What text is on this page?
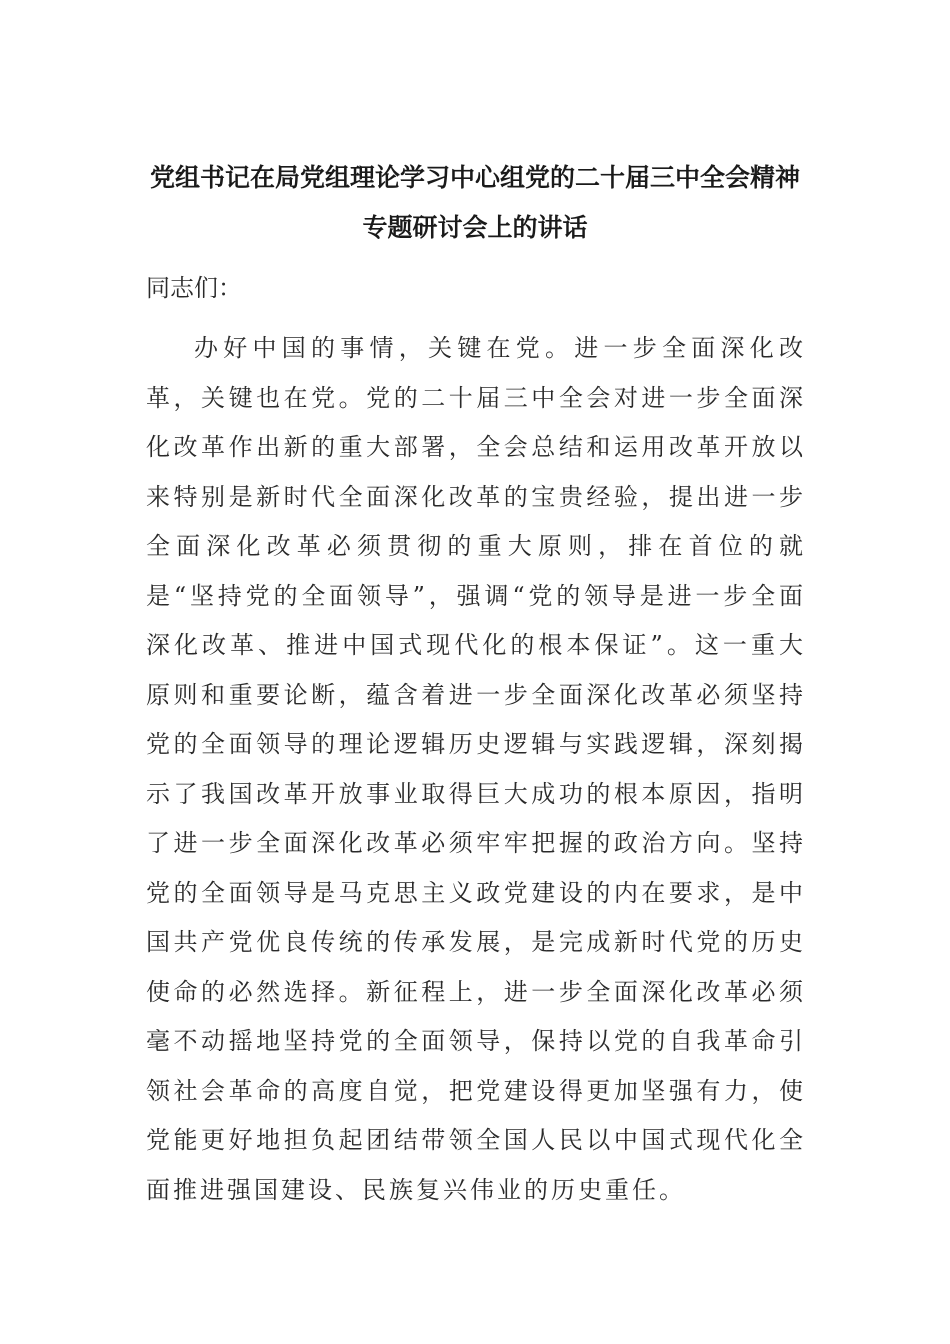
党组书记在局党组理论学习中心组党的二十届三中全会精神专题研讨会上的讲话

同志们：

办好中国的事情，关键在党。进一步全面深化改革，关键也在党。党的二十届三中全会对进一步全面深化改革作出新的重大部署，全会总结和运用改革开放以来特别是新时代全面深化改革的宝贵经验，提出进一步全面深化改革必须贯彻的重大原则，排在首位的就是“坚持党的全面领导”，强调“党的领导是进一步全面深化改革、推进中国式现代化的根本保证”。这一重大原则和重要论断，蕴含着进一步全面深化改革必须坚持党的全面领导的理论逻辑历史逻辑与实践逻辑，深刻揭示了我国改革开放事业取得巨大成功的根本原因，指明了进一步全面深化改革必须牢牢把握的政治方向。坚持党的全面领导是马克思主义政党建设的内在要求，是中国共产党优良传统的传承发展，是完成新时代党的历史使命的必然选择。新征程上，进一步全面深化改革必须毫不动摇地坚持党的全面领导，保持以党的自我革命引领社会革命的高度自觉，把党建设得更加坚强有力，使党能更好地担负起团结带领全国人民以中国式现代化全面推进强国建设、民族复兴伟业的历史重任。
